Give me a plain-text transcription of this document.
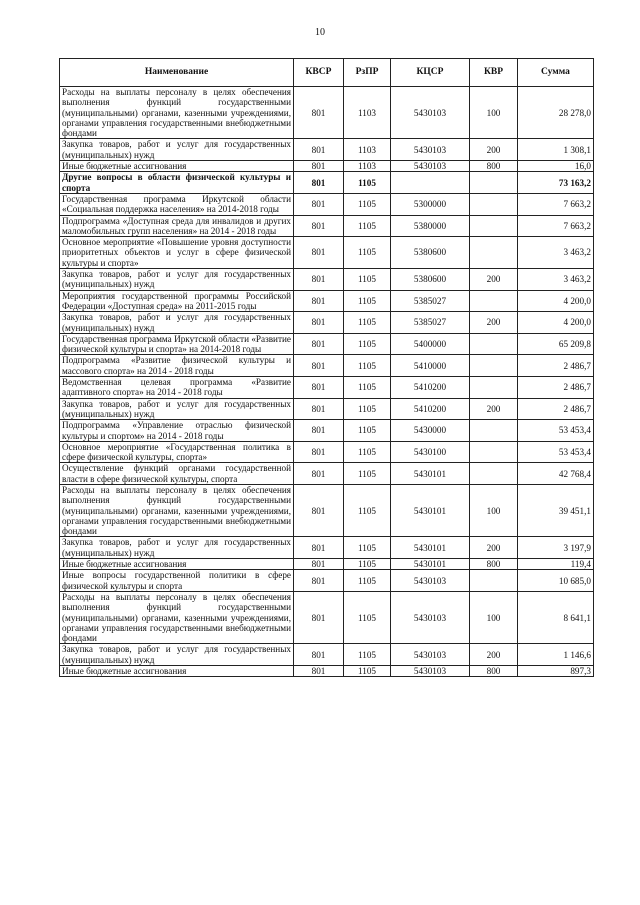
10
Наименование	КВСР	РзПР	КЦСР	КВР	Сумма
Расходы на выплаты персоналу в целях обеспечения выполнения функций государственными (муниципальными) органами, казенными учреждениями, органами управления государственными внебюджетными фондами	801	1103	5430103	100	28 278,0
Закупка товаров, работ и услуг для государственных (муниципальных) нужд	801	1103	5430103	200	1 308,1
Иные бюджетные ассигнования	801	1103	5430103	800	16,0
Другие вопросы в области физической культуры и спорта	801	1105			73 163,2
Государственная программа Иркутской области «Социальная поддержка населения» на 2014-2018 годы	801	1105	5300000		7 663,2
Подпрограмма «Доступная среда для инвалидов и других маломобильных групп населения» на 2014 - 2018 годы	801	1105	5380000		7 663,2
Основное мероприятие «Повышение уровня доступности приоритетных объектов и услуг в сфере физической культуры и спорта»	801	1105	5380600		3 463,2
Закупка товаров, работ и услуг для государственных (муниципальных) нужд	801	1105	5380600	200	3 463,2
Мероприятия государственной программы Российской Федерации «Доступная среда» на 2011-2015 годы	801	1105	5385027		4 200,0
Закупка товаров, работ и услуг для государственных (муниципальных) нужд	801	1105	5385027	200	4 200,0
Государственная программа Иркутской области «Развитие физической культуры и спорта» на 2014-2018 годы	801	1105	5400000		65 209,8
Подпрограмма «Развитие физической культуры и массового спорта» на 2014 - 2018 годы	801	1105	5410000		2 486,7
Ведомственная целевая программа «Развитие адаптивного спорта» на 2014 - 2018 годы	801	1105	5410200		2 486,7
Закупка товаров, работ и услуг для государственных (муниципальных) нужд	801	1105	5410200	200	2 486,7
Подпрограмма «Управление отраслью физической культуры и спортом» на 2014 - 2018 годы	801	1105	5430000		53 453,4
Основное мероприятие «Государственная политика в сфере физической культуры, спорта»	801	1105	5430100		53 453,4
Осуществление функций органами государственной власти в сфере физической культуры, спорта	801	1105	5430101		42 768,4
Расходы на выплаты персоналу в целях обеспечения выполнения функций государственными (муниципальными) органами, казенными учреждениями, органами управления государственными внебюджетными фондами	801	1105	5430101	100	39 451,1
Закупка товаров, работ и услуг для государственных (муниципальных) нужд	801	1105	5430101	200	3 197,9
Иные бюджетные ассигнования	801	1105	5430101	800	119,4
Иные вопросы государственной политики в сфере физической культуры и спорта	801	1105	5430103		10 685,0
Расходы на выплаты персоналу в целях обеспечения выполнения функций государственными (муниципальными) органами, казенными учреждениями, органами управления государственными внебюджетными фондами	801	1105	5430103	100	8 641,1
Закупка товаров, работ и услуг для государственных (муниципальных) нужд	801	1105	5430103	200	1 146,6
Иные бюджетные ассигнования	801	1105	5430103	800	897,3
